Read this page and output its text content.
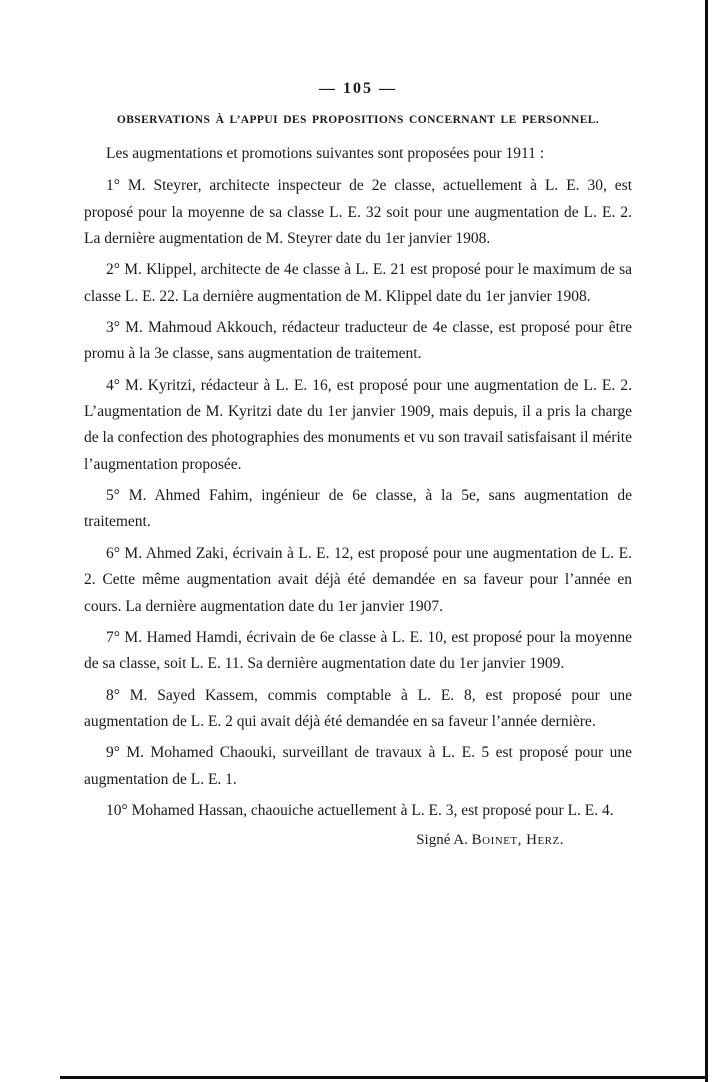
— 105 —
OBSERVATIONS À L’APPUI DES PROPOSITIONS CONCERNANT LE PERSONNEL.

Les augmentations et promotions suivantes sont proposées pour 1911 :

1° M. Steyrer, architecte inspecteur de 2e classe, actuellement à L. E. 30, est proposé pour la moyenne de sa classe L. E. 32 soit pour une augmentation de L. E. 2. La dernière augmentation de M. Steyrer date du 1er janvier 1908.

2° M. Klippel, architecte de 4e classe à L. E. 21 est proposé pour le maximum de sa classe L. E. 22. La dernière augmentation de M. Klippel date du 1er janvier 1908.

3° M. Mahmoud Akkouch, rédacteur traducteur de 4e classe, est proposé pour être promu à la 3e classe, sans augmentation de traitement.

4° M. Kyritzi, rédacteur à L. E. 16, est proposé pour une augmentation de L. E. 2. L’augmentation de M. Kyritzi date du 1er janvier 1909, mais depuis, il a pris la charge de la confection des photographies des monuments et vu son travail satisfaisant il mérite l’augmentation proposée.

5° M. Ahmed Fahim, ingénieur de 6e classe, à la 5e, sans augmentation de traitement.

6° M. Ahmed Zaki, écrivain à L. E. 12, est proposé pour une augmentation de L. E. 2. Cette même augmentation avait déjà été demandée en sa faveur pour l’année en cours. La dernière augmentation date du 1er janvier 1907.

7° M. Hamed Hamdi, écrivain de 6e classe à L. E. 10, est proposé pour la moyenne de sa classe, soit L. E. 11. Sa dernière augmentation date du 1er janvier 1909.

8° M. Sayed Kassem, commis comptable à L. E. 8, est proposé pour une augmentation de L. E. 2 qui avait déjà été demandée en sa faveur l’année dernière.

9° M. Mohamed Chaouki, surveillant de travaux à L. E. 5 est proposé pour une augmentation de L. E. 1.

10° Mohamed Hassan, chaouiche actuellement à L. E. 3, est proposé pour L. E. 4.

Signé A. Boinet, Herz.
